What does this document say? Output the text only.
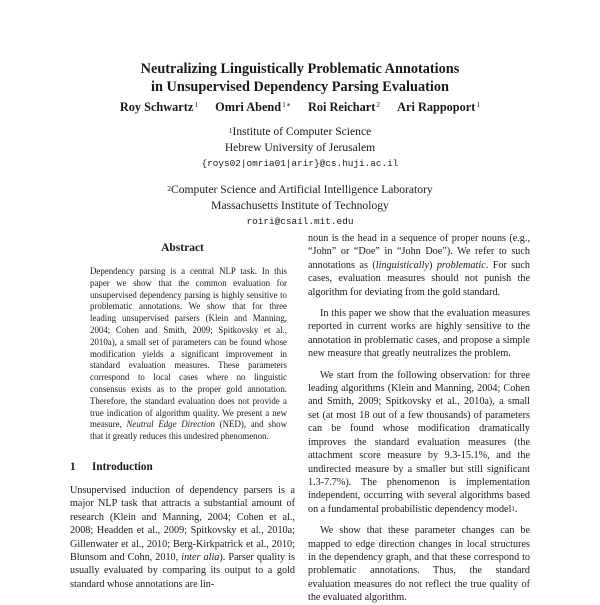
Neutralizing Linguistically Problematic Annotations
in Unsupervised Dependency Parsing Evaluation
Roy Schwartz$^1$ Omri Abend$^{1∗}$ Roi Reichart$^2$ Ari Rappoport$^1$
$^1$Institute of Computer Science
Hebrew University of Jerusalem
{roys02|omria01|arir}@cs.huji.ac.il
$^2$Computer Science and Artificial Intelligence Laboratory
Massachusetts Institute of Technology
roiri@csail.mit.edu
Abstract
Dependency parsing is a central NLP task. In this paper we show that the common evaluation for unsupervised dependency parsing is highly sensitive to problematic annotations. We show that for three leading unsupervised parsers (Klein and Manning, 2004; Cohen and Smith, 2009; Spitkovsky et al., 2010a), a small set of parameters can be found whose modification yields a significant improvement in standard evaluation measures. These parameters correspond to local cases where no linguistic consensus exists as to the proper gold annotation. Therefore, the standard evaluation does not provide a true indication of algorithm quality. We present a new measure, Neutral Edge Direction (NED), and show that it greatly reduces this undesired phenomenon.
1 Introduction
Unsupervised induction of dependency parsers is a major NLP task that attracts a substantial amount of research (Klein and Manning, 2004; Cohen et al., 2008; Headden et al., 2009; Spitkovsky et al., 2010a; Gillenwater et al., 2010; Berg-Kirkpatrick et al., 2010; Blunsom and Cohn, 2010, inter alia). Parser quality is usually evaluated by comparing its output to a gold standard whose annotations are lin-
noun is the head in a sequence of proper nouns (e.g., “John” or “Doe” in “John Doe”). We refer to such annotations as (linguistically) problematic. For such cases, evaluation measures should not punish the algorithm for deviating from the gold standard.
In this paper we show that the evaluation measures reported in current works are highly sensitive to the annotation in problematic cases, and propose a simple new measure that greatly neutralizes the problem.
We start from the following observation: for three leading algorithms (Klein and Manning, 2004; Cohen and Smith, 2009; Spitkovsky et al., 2010a), a small set (at most 18 out of a few thousands) of parameters can be found whose modification dramatically improves the standard evaluation measures (the attachment score measure by 9.3-15.1%, and the undirected measure by a smaller but still significant 1.3-7.7%). The phenomenon is implementation independent, occurring with several algorithms based on a fundamental probabilistic dependency model$^1$.
We show that these parameter changes can be mapped to edge direction changes in local structures in the dependency graph, and that these correspond to problematic annotations. Thus, the standard evaluation measures do not reflect the true quality of the evaluated algorithm.
